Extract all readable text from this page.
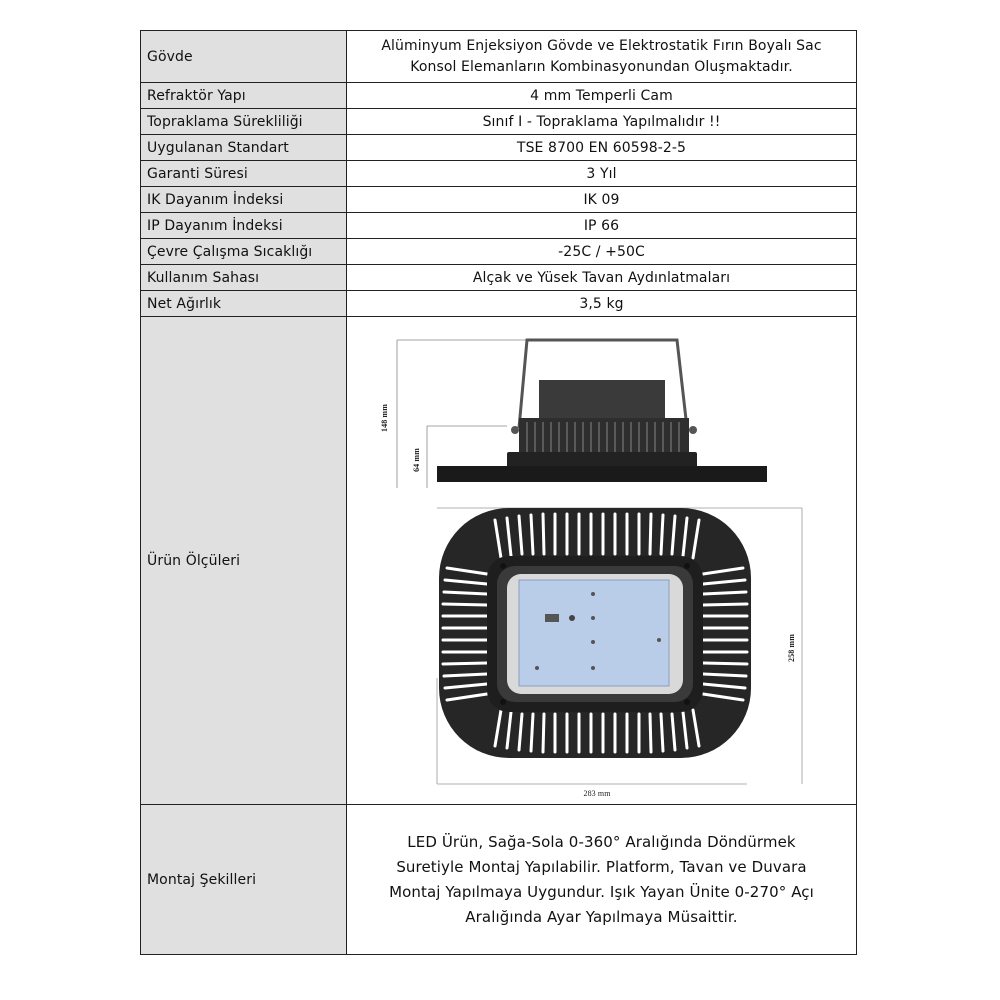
Gövde	Alüminyum Enjeksiyon Gövde ve Elektrostatik Fırın Boyalı Sac
Konsol Elemanların Kombinasyonundan Oluşmaktadır.

Refraktör Yapı	4 mm Temperli Cam
Topraklama Sürekliliği	Sınıf I - Topraklama Yapılmalıdır !!
Uygulanan Standart	TSE 8700 EN 60598-2-5
Garanti Süresi	3 Yıl
IK Dayanım İndeksi	IK 09
IP Dayanım İndeksi	IP 66
Çevre Çalışma Sıcaklığı	-25C / +50C
Kullanım Sahası	Alçak ve Yüsek Tavan Aydınlatmaları
Net Ağırlık	3,5 kg
Ürün Ölçüleri	148 mm
64 mm
258 mm
283 mm

Montaj Şekilleri	LED Ürün, Sağa-Sola 0-360° Aralığında Döndürmek
Suretiyle Montaj Yapılabilir. Platform, Tavan ve Duvara
Montaj Yapılmaya Uygundur. Işık Yayan Ünite 0-270° Açı
Aralığında Ayar Yapılmaya Müsaittir.
